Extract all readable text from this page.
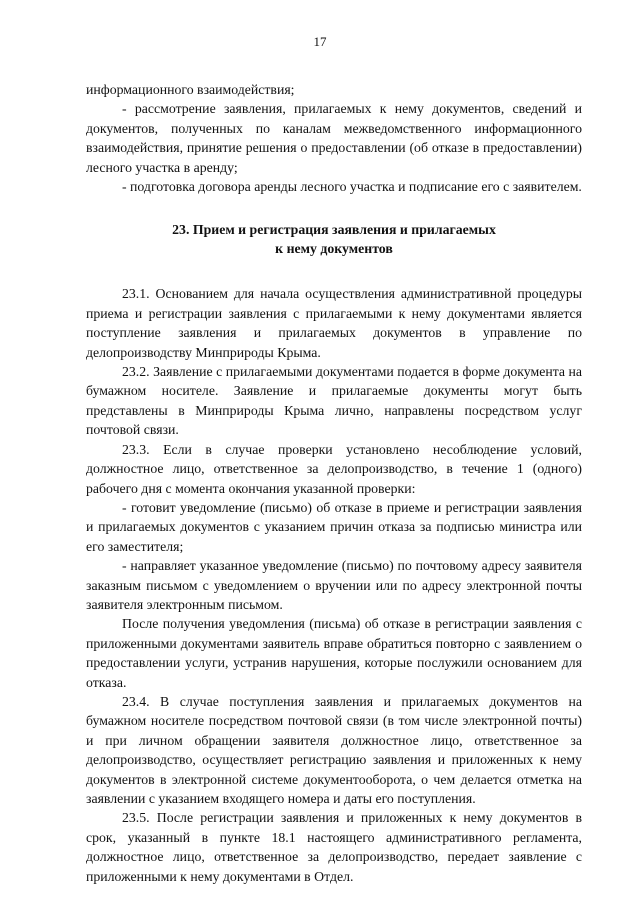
17

информационного взаимодействия;

- рассмотрение заявления, прилагаемых к нему документов, сведений и документов, полученных по каналам межведомственного информационного взаимодействия, принятие решения о предоставлении (об отказе в предоставлении) лесного участка в аренду;

- подготовка договора аренды лесного участка и подписание его с заявителем.

23. Прием и регистрация заявления и прилагаемых
к нему документов

23.1. Основанием для начала осуществления административной процедуры приема и регистрации заявления с прилагаемыми к нему документами является поступление заявления и прилагаемых документов в управление по делопроизводству Минприроды Крыма.

23.2. Заявление с прилагаемыми документами подается в форме документа на бумажном носителе. Заявление и прилагаемые документы могут быть представлены в Минприроды Крыма лично, направлены посредством услуг почтовой связи.

23.3. Если в случае проверки установлено несоблюдение условий, должностное лицо, ответственное за делопроизводство, в течение 1 (одного) рабочего дня с момента окончания указанной проверки:

- готовит уведомление (письмо) об отказе в приеме и регистрации заявления и прилагаемых документов с указанием причин отказа за подписью министра или его заместителя;

- направляет указанное уведомление (письмо) по почтовому адресу заявителя заказным письмом с уведомлением о вручении или по адресу электронной почты заявителя электронным письмом.

После получения уведомления (письма) об отказе в регистрации заявления с приложенными документами заявитель вправе обратиться повторно с заявлением о предоставлении услуги, устранив нарушения, которые послужили основанием для отказа.

23.4. В случае поступления заявления и прилагаемых документов на бумажном носителе посредством почтовой связи (в том числе электронной почты) и при личном обращении заявителя должностное лицо, ответственное за делопроизводство, осуществляет регистрацию заявления и приложенных к нему документов в электронной системе документооборота, о чем делается отметка на заявлении с указанием входящего номера и даты его поступления.

23.5. После регистрации заявления и приложенных к нему документов в срок, указанный в пункте 18.1 настоящего административного регламента, должностное лицо, ответственное за делопроизводство, передает заявление с приложенными к нему документами в Отдел.
